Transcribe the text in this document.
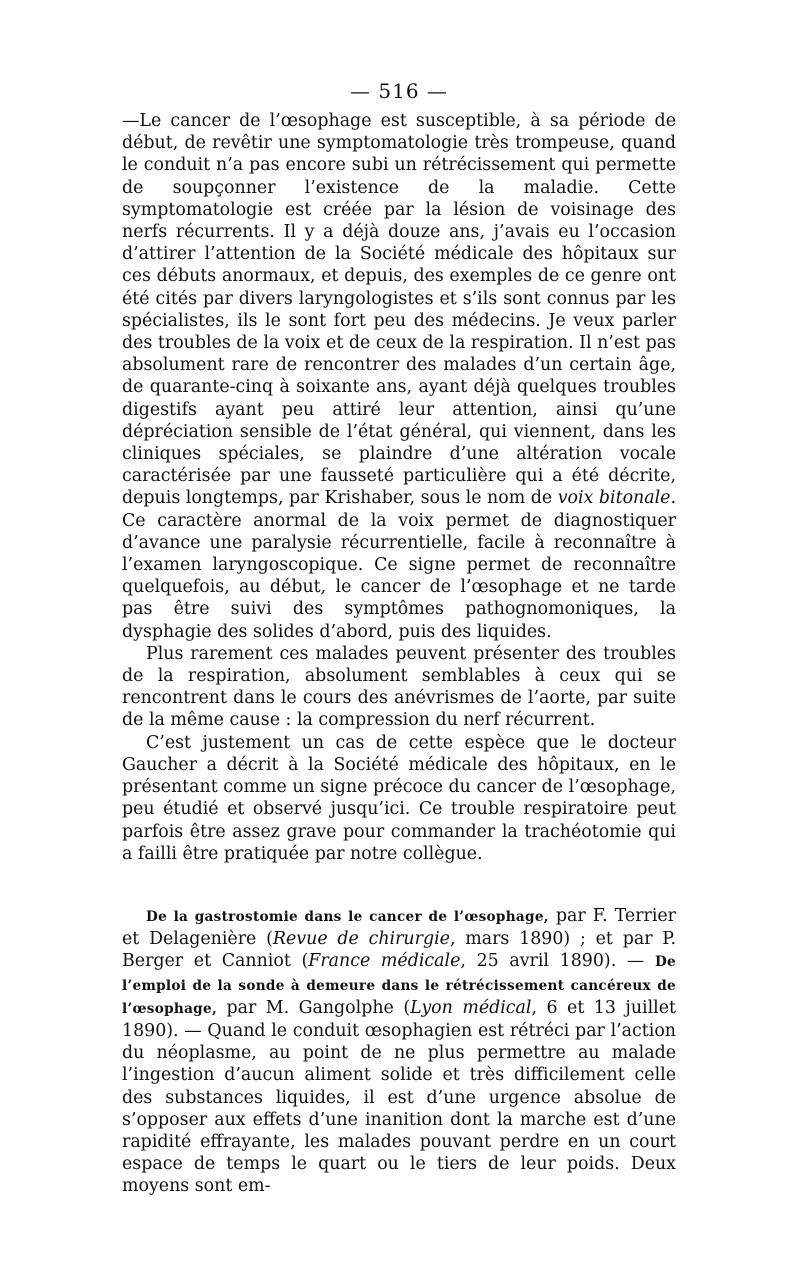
— 516 —

—Le cancer de l’œsophage est susceptible, à sa période de début, de revêtir une symptomatologie très trompeuse, quand le conduit n’a pas encore subi un rétrécissement qui permette de soupçonner l’existence de la maladie. Cette symptomatologie est créée par la lésion de voisinage des nerfs récurrents. Il y a déjà douze ans, j’avais eu l’occasion d’attirer l’attention de la Société médicale des hôpitaux sur ces débuts anormaux, et depuis, des exemples de ce genre ont été cités par divers laryngologistes et s’ils sont connus par les spécialistes, ils le sont fort peu des médecins. Je veux parler des troubles de la voix et de ceux de la respiration. Il n’est pas absolument rare de rencontrer des malades d’un certain âge, de quarante-cinq à soixante ans, ayant déjà quelques troubles digestifs ayant peu attiré leur attention, ainsi qu’une dépréciation sensible de l’état général, qui viennent, dans les cliniques spéciales, se plaindre d’une altération vocale caractérisée par une fausseté particulière qui a été décrite, depuis longtemps, par Krishaber, sous le nom de voix bitonale. Ce caractère anormal de la voix permet de diagnostiquer d’avance une paralysie récurrentielle, facile à reconnaître à l’examen laryngoscopique. Ce signe permet de reconnaître quelquefois, au début, le cancer de l’œsophage et ne tarde pas être suivi des symptômes pathognomoniques, la dysphagie des solides d’abord, puis des liquides.

Plus rarement ces malades peuvent présenter des troubles de la respiration, absolument semblables à ceux qui se rencontrent dans le cours des anévrismes de l’aorte, par suite de la même cause : la compression du nerf récurrent.

C’est justement un cas de cette espèce que le docteur Gaucher a décrit à la Société médicale des hôpitaux, en le présentant comme un signe précoce du cancer de l’œsophage, peu étudié et observé jusqu’ici. Ce trouble respiratoire peut parfois être assez grave pour commander la trachéotomie qui a failli être pratiquée par notre collègue.

De la gastrostomie dans le cancer de l’œsophage, par F. Terrier et Delagenière (Revue de chirurgie, mars 1890) ; et par P. Berger et Canniot (France médicale, 25 avril 1890). — De l’emploi de la sonde à demeure dans le rétrécissement cancéreux de l’œsophage, par M. Gangolphe (Lyon médical, 6 et 13 juillet 1890). — Quand le conduit œsophagien est rétréci par l’action du néoplasme, au point de ne plus permettre au malade l’ingestion d’aucun aliment solide et très difficilement celle des substances liquides, il est d’une urgence absolue de s’opposer aux effets d’une inanition dont la marche est d’une rapidité effrayante, les malades pouvant perdre en un court espace de temps le quart ou le tiers de leur poids. Deux moyens sont em-
